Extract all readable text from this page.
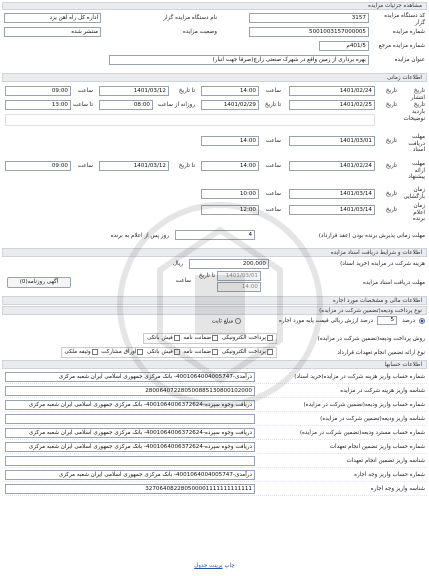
مشاهده جزئیات مزایده
کد دستگاه مزایده گزار
3157
نام دستگاه مزایده گزار
اداره کل راه اهن یزد
شماره مزایده
5001003157000005
وضعیت مزایده
منتشر شده
شماره مزایده مرجع
401/5م
عنوان مزایده
بهره برداری از زمین واقع در شهرک صنعتی زارچ(صرفا جهت انبار)
اطلاعات زمانی
تاریخ انتشار
تاریخ
1401/02/24
ساعت
14:00
تا تاریخ
1401/03/12
ساعت
09:00
تاریخ بازدید
تاریخ
1401/02/25
تا تاریخ
1401/02/29
روزانه از ساعت
08:00
تا ساعت
13:00
توضیحات
مهلت دریافت اسناد
تاریخ
1401/03/01
ساعت
14:00
مهلت ارائه پیشنهاد
تاریخ
1401/02/24
ساعت
14:00
تا تاریخ
1401/03/12
ساعت
09:00
زمان بازگشایی
تاریخ
1401/03/14
ساعت
10:00
زمان اعلام برنده
تاریخ
1401/03/14
ساعت
12:00
مهلت زمانی پذیرش برنده بودن (عقد قرارداد)
4
روز پس از اعلام به برنده
اطلاعات و شرایط دریافت اسناد مزایده
هزینه شرکت در مزایده (خرید اسناد)
200,000
ریال
مهلت دریافت اسناد مزایده
تا تاریخ	1401/03/01
ساعت
14:00
آگهی روزنامه(0)
اطلاعات مالی و مشخصات مورد اجاره
نوع پرداخت ودیعه(تضمین شرکت در مزایده)
درصد
5
درصد ارزش ریالی قیمت پایه مورد اجاره
مبلغ ثابت
روش پرداخت ودیعه(تضمین شرکت در مزایده)
پرداخت الکترونیکی  ضمانت نامه  فیش بانکی
نوع ارائه تضمین انجام تعهدات قرارداد
پرداخت الکترونیکی  ضمانت نامه  فیش بانکی  اوراق مشارکت  وثیقه ملکی
اطلاعات حسابها
شماره حساب واریز هزینه شرکت در مزایده(خرید اسناد)
درآمدی-4001064004005747- بانک مرکزی جمهوری اسلامی ایران شعبه مرکزی
شناسه واریز هزینه شرکت در مزایده
280064072280500885130800102000
شماره حساب واریز ودیعه(تضمین شرکت در مزایده)
دریافت وجوه سپرده-4001064006372624- بانک مرکزی جمهوری اسلامی ایران شعبه مرکزی
شناسه واریز ودیعه(تضمین شرکت در مزایده)
شماره حساب مسترد ودیعه(تضمین شرکت در مزایده)
دریافت وجوه سپرده-4001064006372624- بانک مرکزی جمهوری اسلامی ایران شعبه مرکزی
شماره حساب واریز تضمین انجام تعهدات
دریافت وجوه سپرده-4001064006372624- بانک مرکزی جمهوری اسلامی ایران شعبه مرکزی
شناسه واریز تضمین انجام تعهدات
شماره حساب واریز وجه اجاره
درآمدی-4001064004005747- بانک مرکزی جمهوری اسلامی ایران شعبه مرکزی
شناسه واریز وجه اجاره
327064082280500001111111111111
چاپ پرینت جدول
